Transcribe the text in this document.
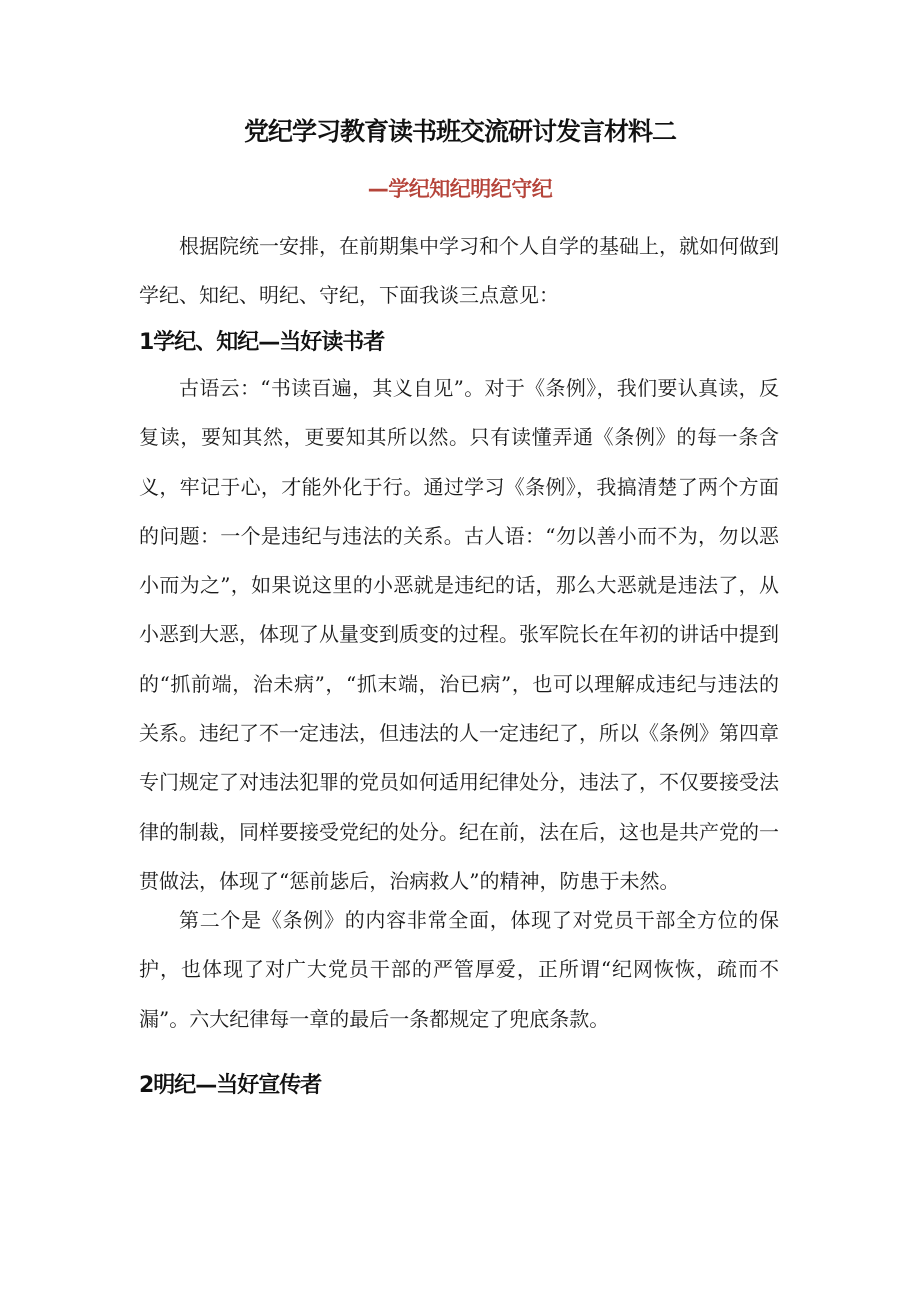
党纪学习教育读书班交流研讨发言材料二
—学纪知纪明纪守纪

根据院统一安排，在前期集中学习和个人自学的基础上，就如何做到学纪、知纪、明纪、守纪，下面我谈三点意见：

1学纪、知纪—当好读书者

古语云：“书读百遍，其义自见”。对于《条例》，我们要认真读，反复读，要知其然，更要知其所以然。只有读懂弄通《条例》的每一条含义，牢记于心，才能外化于行。通过学习《条例》，我搞清楚了两个方面的问题：一个是违纪与违法的关系。古人语：“勿以善小而不为，勿以恶小而为之”，如果说这里的小恶就是违纪的话，那么大恶就是违法了，从小恶到大恶，体现了从量变到质变的过程。张军院长在年初的讲话中提到的“抓前端，治未病”，“抓末端，治已病”，也可以理解成违纪与违法的关系。违纪了不一定违法，但违法的人一定违纪了，所以《条例》第四章专门规定了对违法犯罪的党员如何适用纪律处分，违法了，不仅要接受法律的制裁，同样要接受党纪的处分。纪在前，法在后，这也是共产党的一贯做法，体现了“惩前毖后，治病救人”的精神，防患于未然。

第二个是《条例》的内容非常全面，体现了对党员干部全方位的保护，也体现了对广大党员干部的严管厚爱，正所谓“纪网恢恢，疏而不漏”。六大纪律每一章的最后一条都规定了兜底条款。

2明纪—当好宣传者
